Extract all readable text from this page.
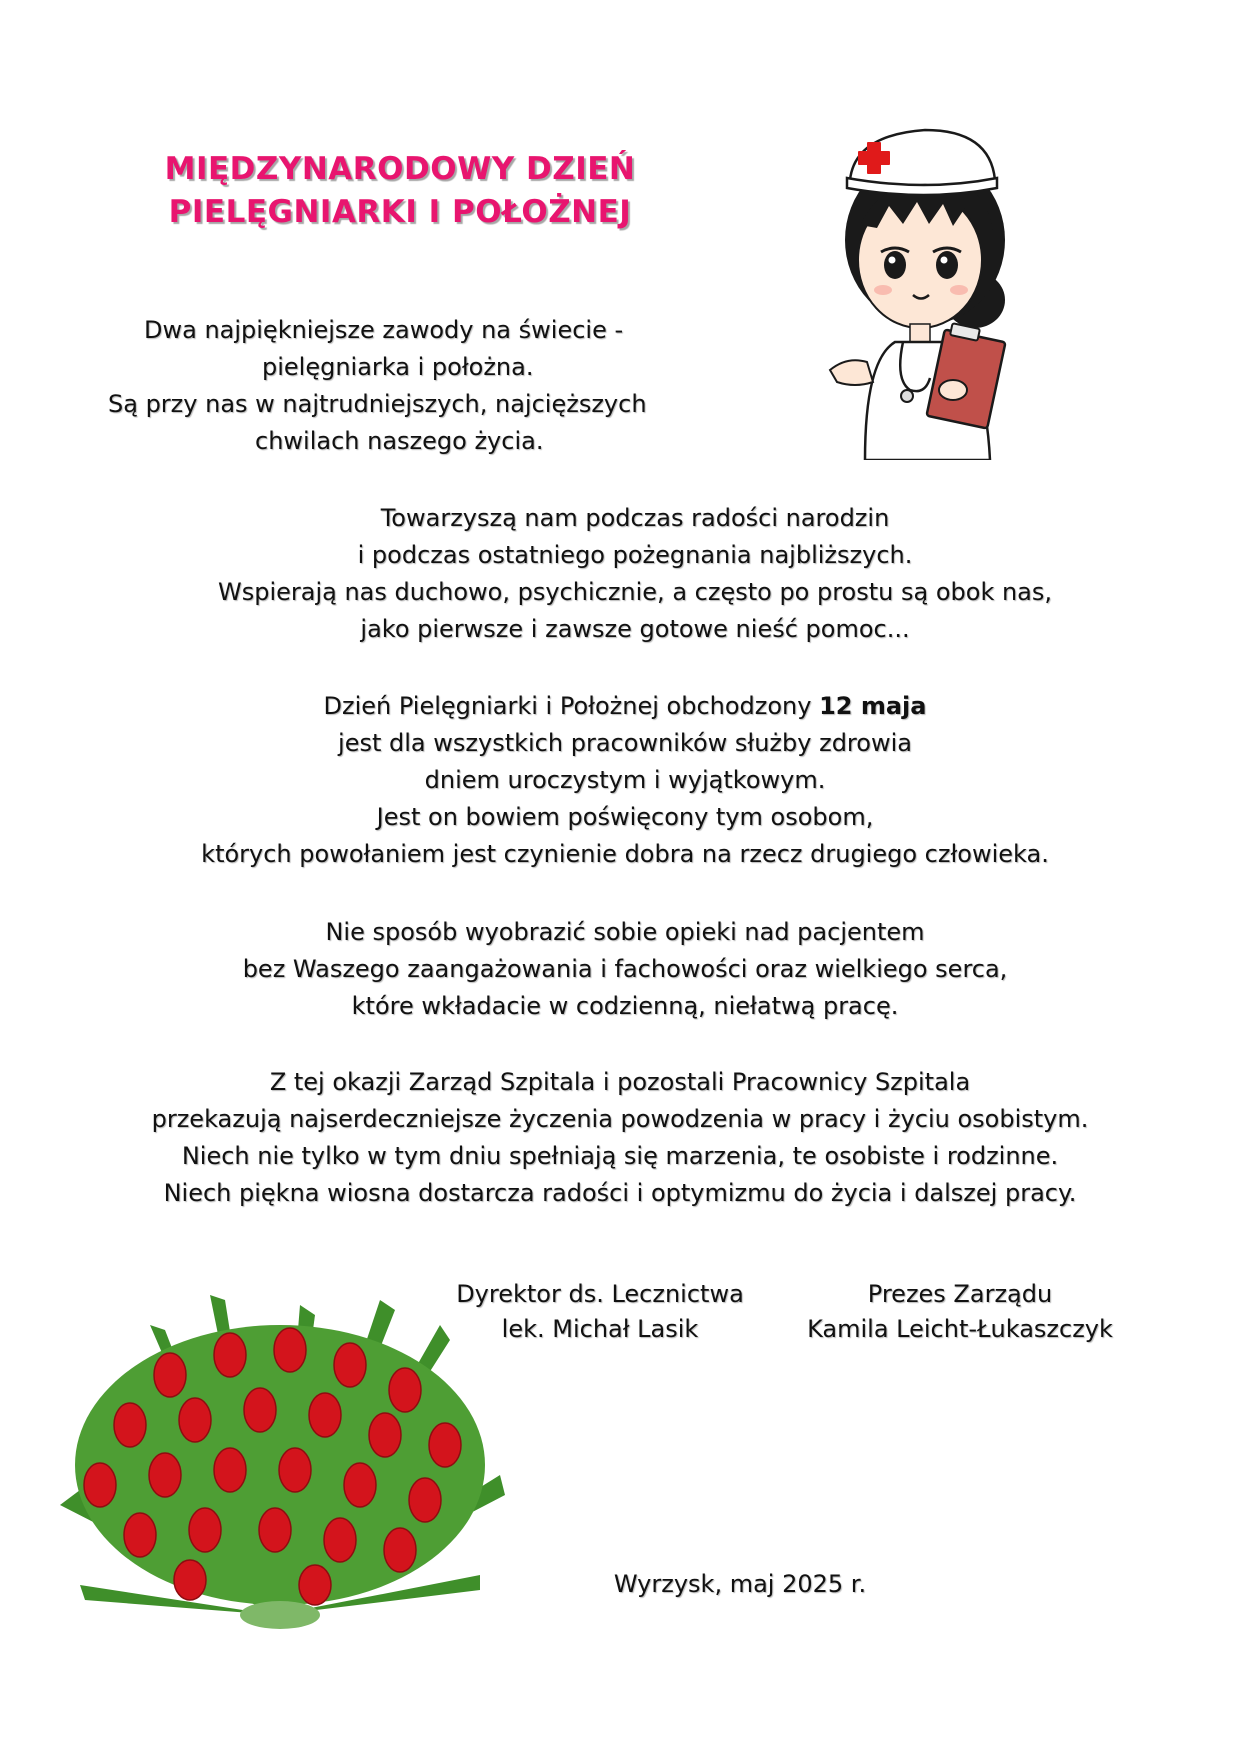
MIĘDZYNARODOWY DZIEŃ
PIELĘGNIARKI I POŁOŻNEJ
Dwa najpiękniejsze zawody na świecie -
pielęgniarka i położna.
Są przy nas w najtrudniejszych, najcięższych
chwilach naszego życia.
Towarzyszą nam podczas radości narodzin
i podczas ostatniego pożegnania najbliższych.
Wspierają nas duchowo, psychicznie, a często po prostu są obok nas,
jako pierwsze i zawsze gotowe nieść pomoc...
Dzień Pielęgniarki i Położnej obchodzony 12 maja
jest dla wszystkich pracowników służby zdrowia
dniem uroczystym i wyjątkowym.
Jest on bowiem poświęcony tym osobom,
których powołaniem jest czynienie dobra na rzecz drugiego człowieka.
Nie sposób wyobrazić sobie opieki nad pacjentem
bez Waszego zaangażowania i fachowości oraz wielkiego serca,
które wkładacie w codzienną, niełatwą pracę.
Z tej okazji Zarząd Szpitala i pozostali Pracownicy Szpitala
przekazują najserdeczniejsze życzenia powodzenia w pracy i życiu osobistym.
Niech nie tylko w tym dniu spełniają się marzenia, te osobiste i rodzinne.
Niech piękna wiosna dostarcza radości i optymizmu do życia i dalszej pracy.
Dyrektor ds. Lecznictwa
lek. Michał Lasik
Prezes Zarządu
Kamila Leicht-Łukaszczyk
Wyrzysk, maj 2025 r.
